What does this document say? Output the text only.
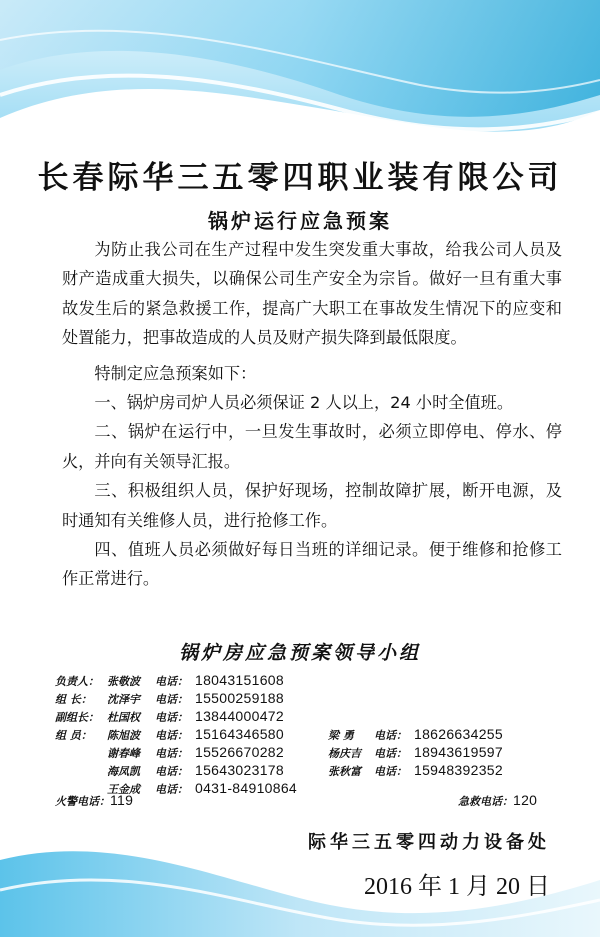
长春际华三五零四职业装有限公司
锅炉运行应急预案

为防止我公司在生产过程中发生突发重大事故，给我公司人员及财产造成重大损失，以确保公司生产安全为宗旨。做好一旦有重大事故发生后的紧急救援工作，提高广大职工在事故发生情况下的应变和处置能力，把事故造成的人员及财产损失降到最低限度。

特制定应急预案如下：

一、锅炉房司炉人员必须保证 2 人以上，24 小时全值班。

二、锅炉在运行中，一旦发生事故时，必须立即停电、停水、停火，并向有关领导汇报。

三、积极组织人员，保护好现场，控制故障扩展，断开电源，及时通知有关维修人员，进行抢修工作。

四、值班人员必须做好每日当班的详细记录。便于维修和抢修工作正常进行。

锅炉房应急预案领导小组
负责人： 张敬波 电话： 18043151608
组 长： 沈泽宇 电话： 15500259188
副组长： 杜国权 电话： 13844000472
组 员： 陈旭波 电话： 15164346580
谢春峰 电话： 15526670282
海凤凯 电话： 15643023178
王金成 电话： 0431-84910864
梁 勇 电话： 18626634255
杨庆吉 电话： 18943619597
张秋富 电话： 15948392352
火警电话：119	急救电话：120
际华三五零四动力设备处
2016 年 1 月 20 日
